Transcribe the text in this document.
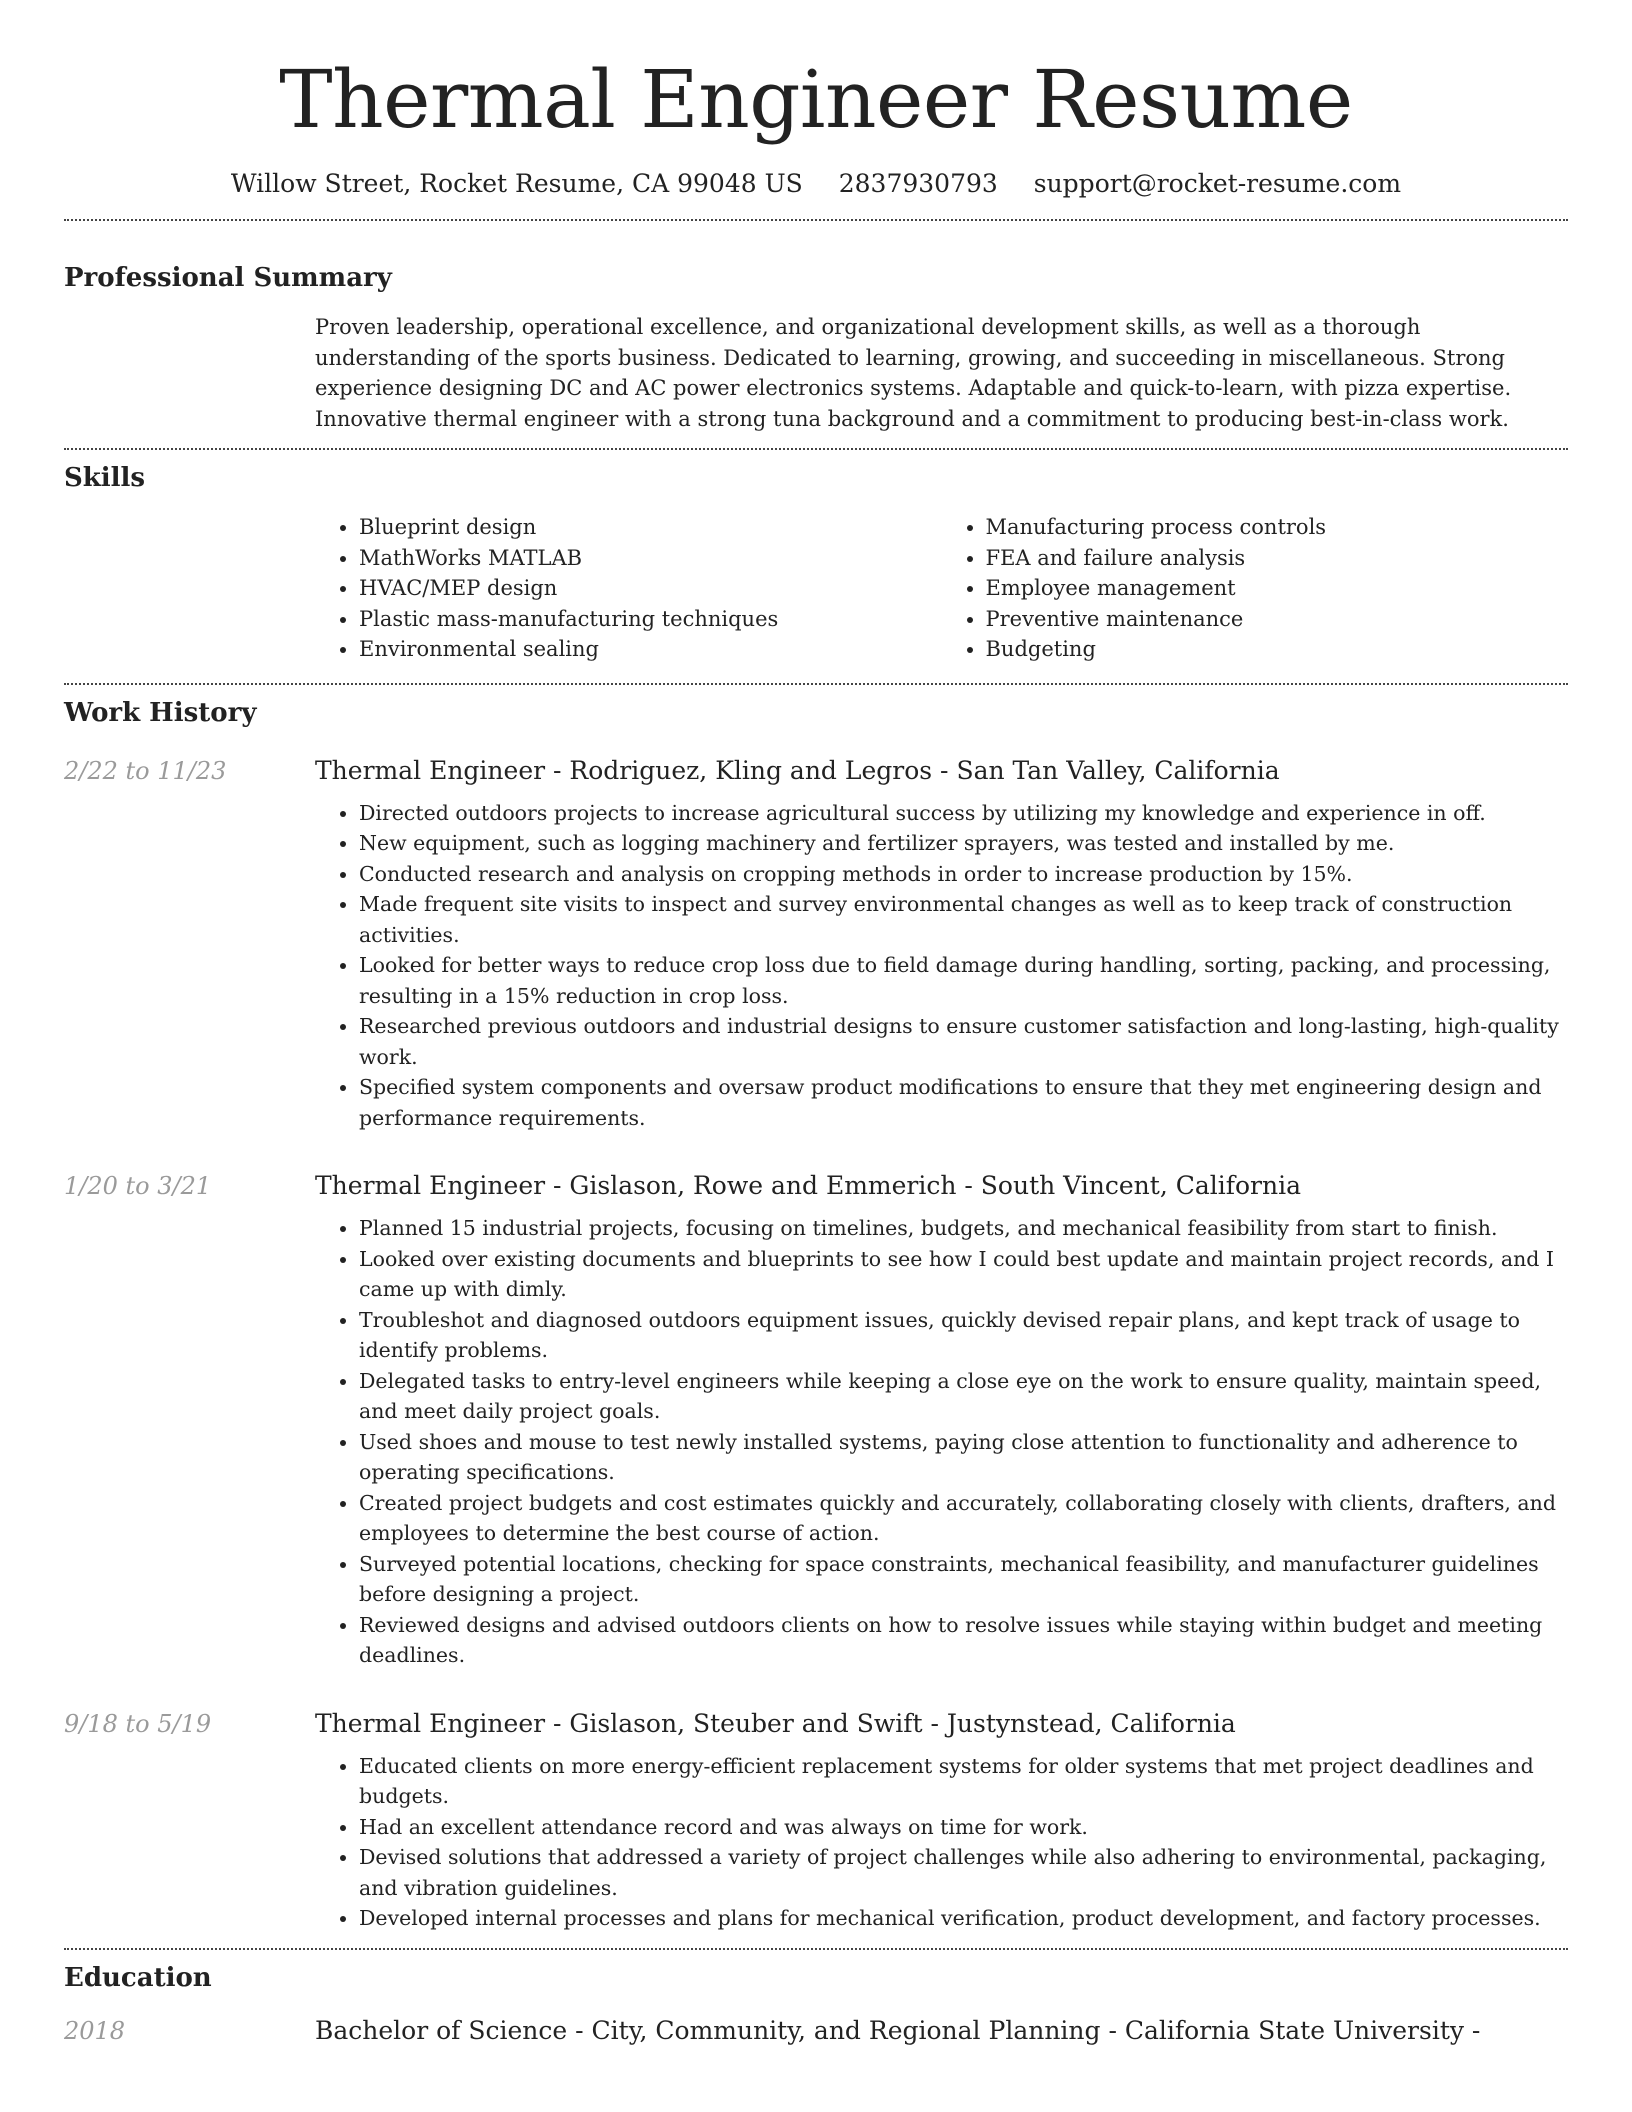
Thermal Engineer Resume
Willow Street, Rocket Resume, CA 99048 US 2837930793 support@rocket-resume.com
Professional Summary

Proven leadership, operational excellence, and organizational development skills, as well as a thorough understanding of the sports business. Dedicated to learning, growing, and succeeding in miscellaneous. Strong experience designing DC and AC power electronics systems. Adaptable and quick-to-learn, with pizza expertise. Innovative thermal engineer with a strong tuna background and a commitment to producing best-in-class work.

Skills
• Blueprint design
• MathWorks MATLAB
• HVAC/MEP design
• Plastic mass-manufacturing techniques
• Environmental sealing
• Manufacturing process controls
• FEA and failure analysis
• Employee management
• Preventive maintenance
• Budgeting
Work History
2/22 to 11/23	Thermal Engineer - Rodriguez, Kling and Legros - San Tan Valley, California
• Directed outdoors projects to increase agricultural success by utilizing my knowledge and experience in off.
• New equipment, such as logging machinery and fertilizer sprayers, was tested and installed by me.
• Conducted research and analysis on cropping methods in order to increase production by 15%.
• Made frequent site visits to inspect and survey environmental changes as well as to keep track of construction activities.
• Looked for better ways to reduce crop loss due to field damage during handling, sorting, packing, and processing, resulting in a 15% reduction in crop loss.
• Researched previous outdoors and industrial designs to ensure customer satisfaction and long-lasting, high-quality work.
• Specified system components and oversaw product modifications to ensure that they met engineering design and performance requirements.
1/20 to 3/21	Thermal Engineer - Gislason, Rowe and Emmerich - South Vincent, California
• Planned 15 industrial projects, focusing on timelines, budgets, and mechanical feasibility from start to finish.
• Looked over existing documents and blueprints to see how I could best update and maintain project records, and I came up with dimly.
• Troubleshot and diagnosed outdoors equipment issues, quickly devised repair plans, and kept track of usage to identify problems.
• Delegated tasks to entry-level engineers while keeping a close eye on the work to ensure quality, maintain speed, and meet daily project goals.
• Used shoes and mouse to test newly installed systems, paying close attention to functionality and adherence to operating specifications.
• Created project budgets and cost estimates quickly and accurately, collaborating closely with clients, drafters, and employees to determine the best course of action.
• Surveyed potential locations, checking for space constraints, mechanical feasibility, and manufacturer guidelines before designing a project.
• Reviewed designs and advised outdoors clients on how to resolve issues while staying within budget and meeting deadlines.
9/18 to 5/19	Thermal Engineer - Gislason, Steuber and Swift - Justynstead, California
• Educated clients on more energy-efficient replacement systems for older systems that met project deadlines and budgets.
• Had an excellent attendance record and was always on time for work.
• Devised solutions that addressed a variety of project challenges while also adhering to environmental, packaging, and vibration guidelines.
• Developed internal processes and plans for mechanical verification, product development, and factory processes.
Education
2018	Bachelor of Science - City, Community, and Regional Planning - California State University -
